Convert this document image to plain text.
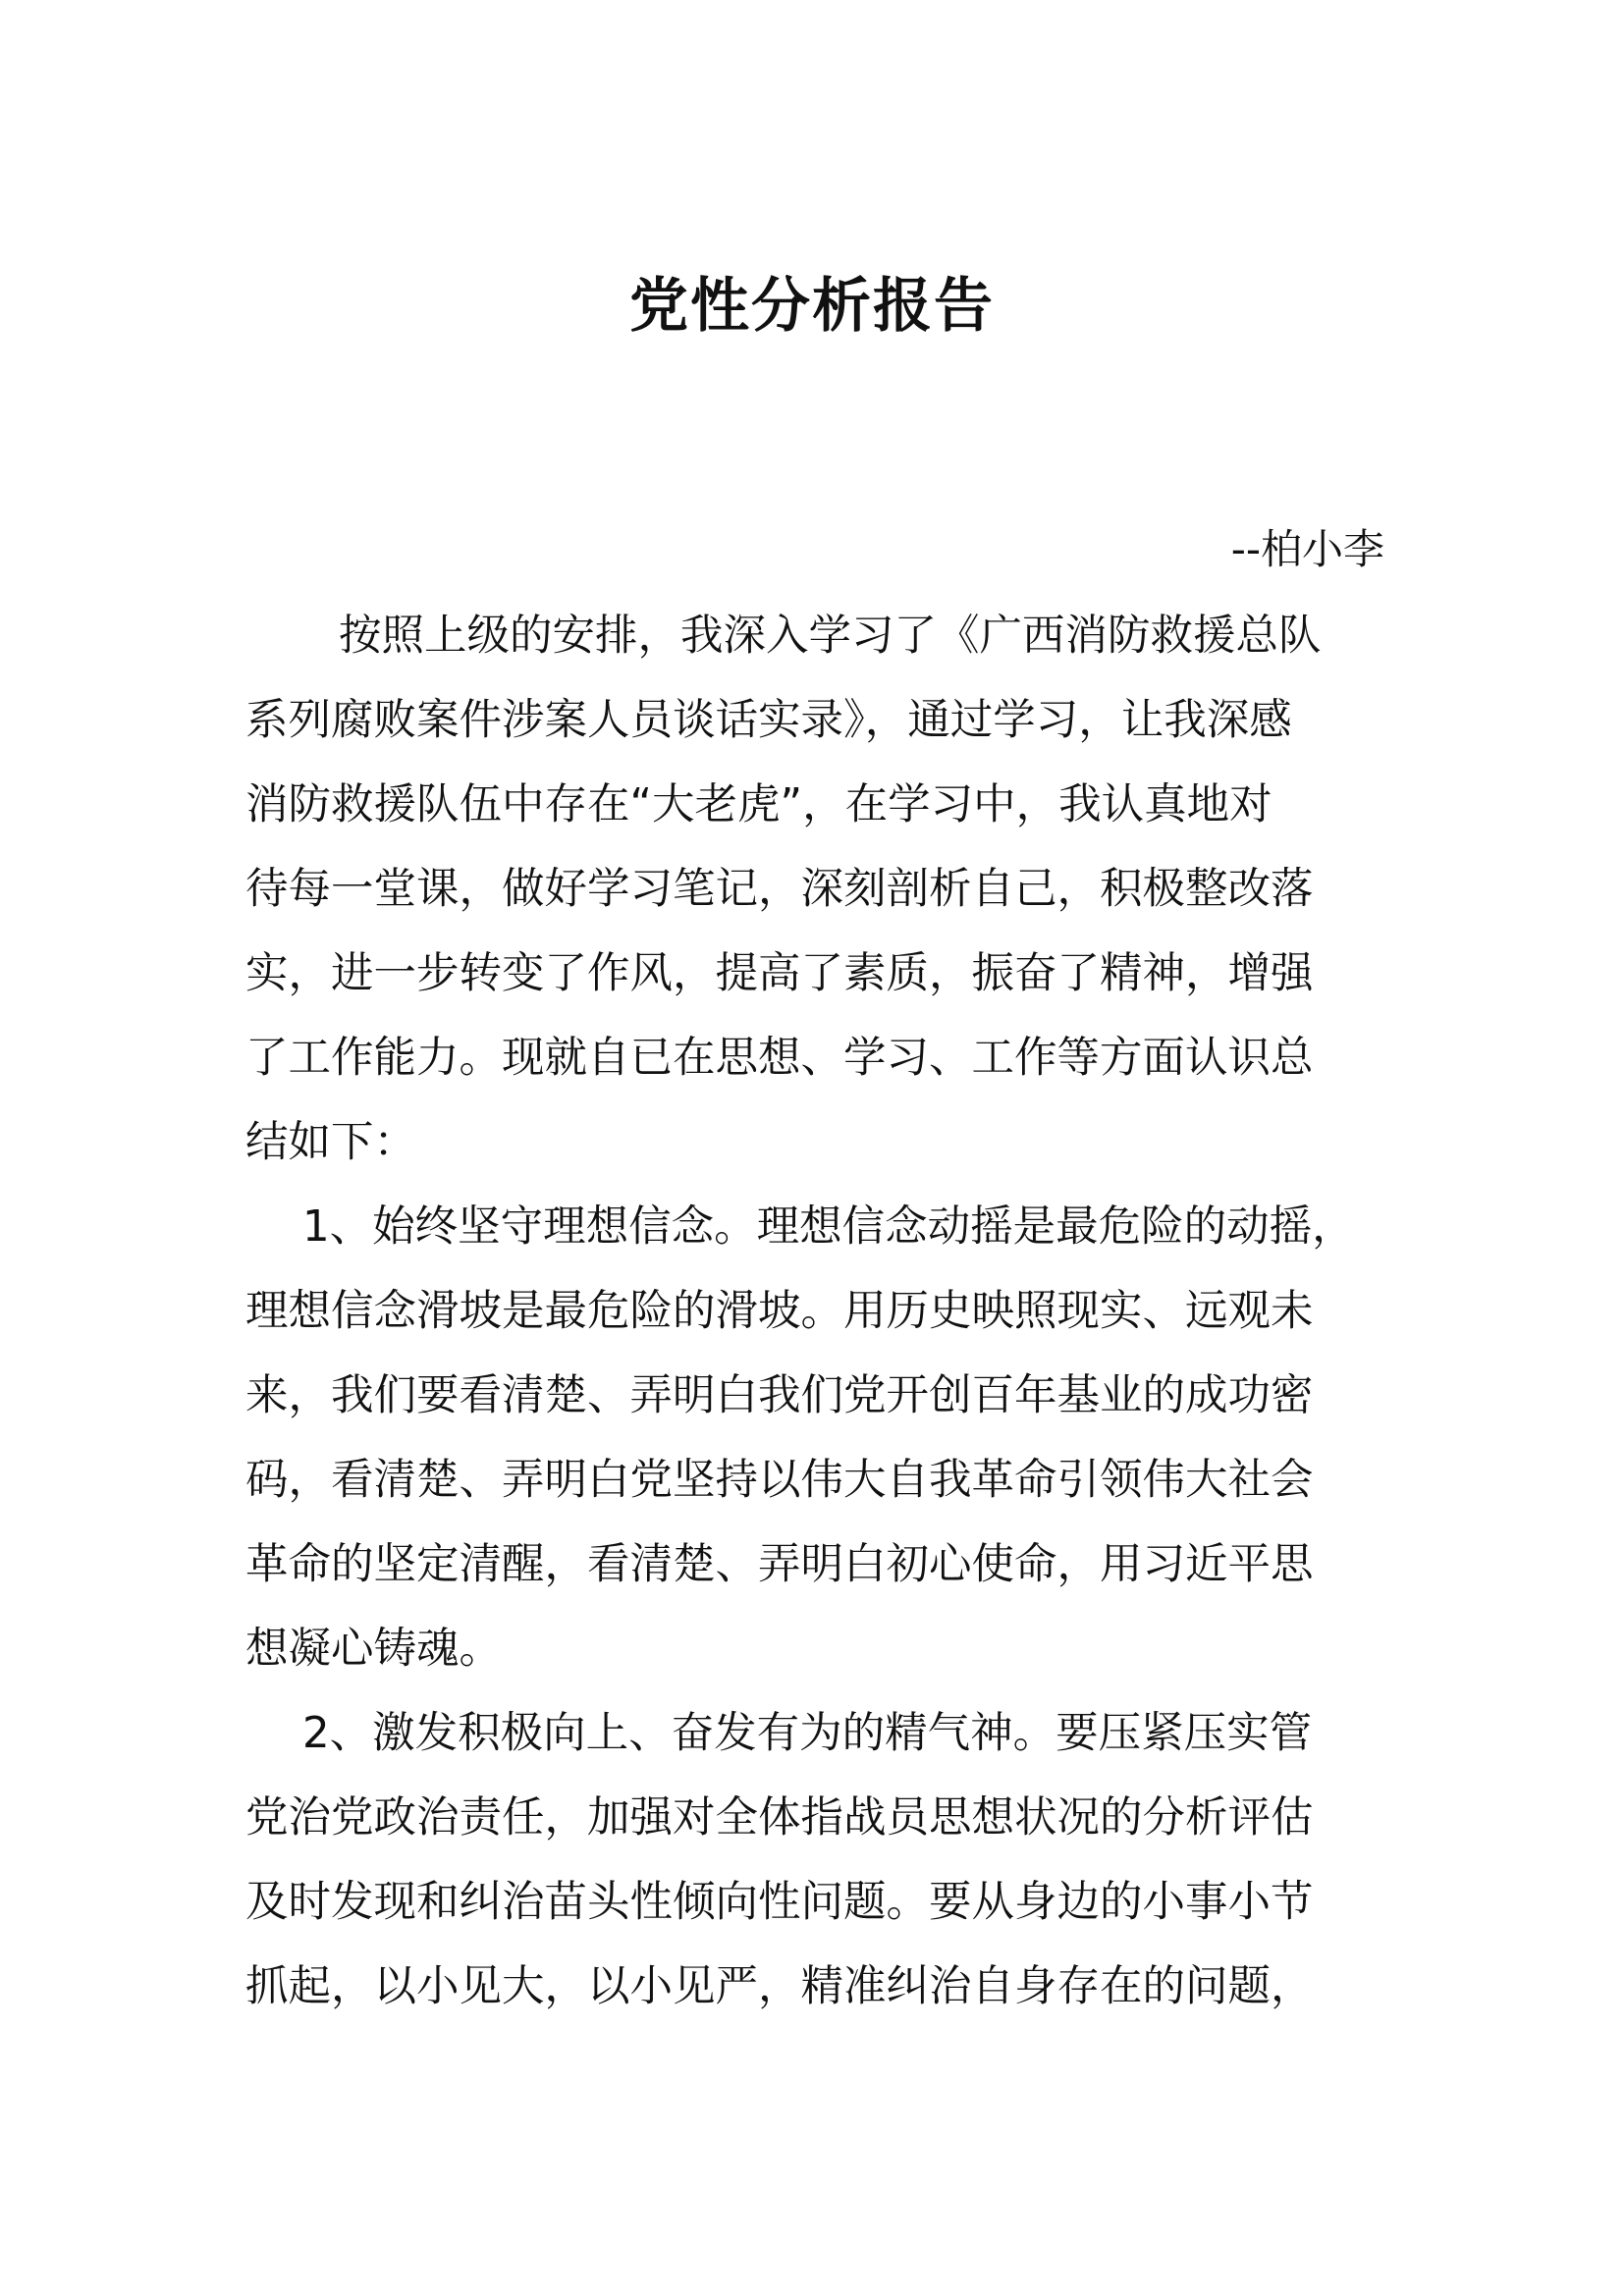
党性分析报告

--柏小李

按照上级的安排，我深入学习了《广西消防救援总队

系列腐败案件涉案人员谈话实录》，通过学习，让我深感

消防救援队伍中存在“大老虎”，在学习中，我认真地对

待每一堂课，做好学习笔记，深刻剖析自己，积极整改落

实，进一步转变了作风，提高了素质，振奋了精神，增强

了工作能力。现就自已在思想、学习、工作等方面认识总

结如下：

1、始终坚守理想信念。理想信念动摇是最危险的动摇，

理想信念滑坡是最危险的滑坡。用历史映照现实、远观未

来，我们要看清楚、弄明白我们党开创百年基业的成功密

码，看清楚、弄明白党坚持以伟大自我革命引领伟大社会

革命的坚定清醒，看清楚、弄明白初心使命，用习近平思

想凝心铸魂。

2、激发积极向上、奋发有为的精气神。要压紧压实管

党治党政治责任，加强对全体指战员思想状况的分析评估

及时发现和纠治苗头性倾向性问题。要从身边的小事小节

抓起，以小见大，以小见严，精准纠治自身存在的问题，
